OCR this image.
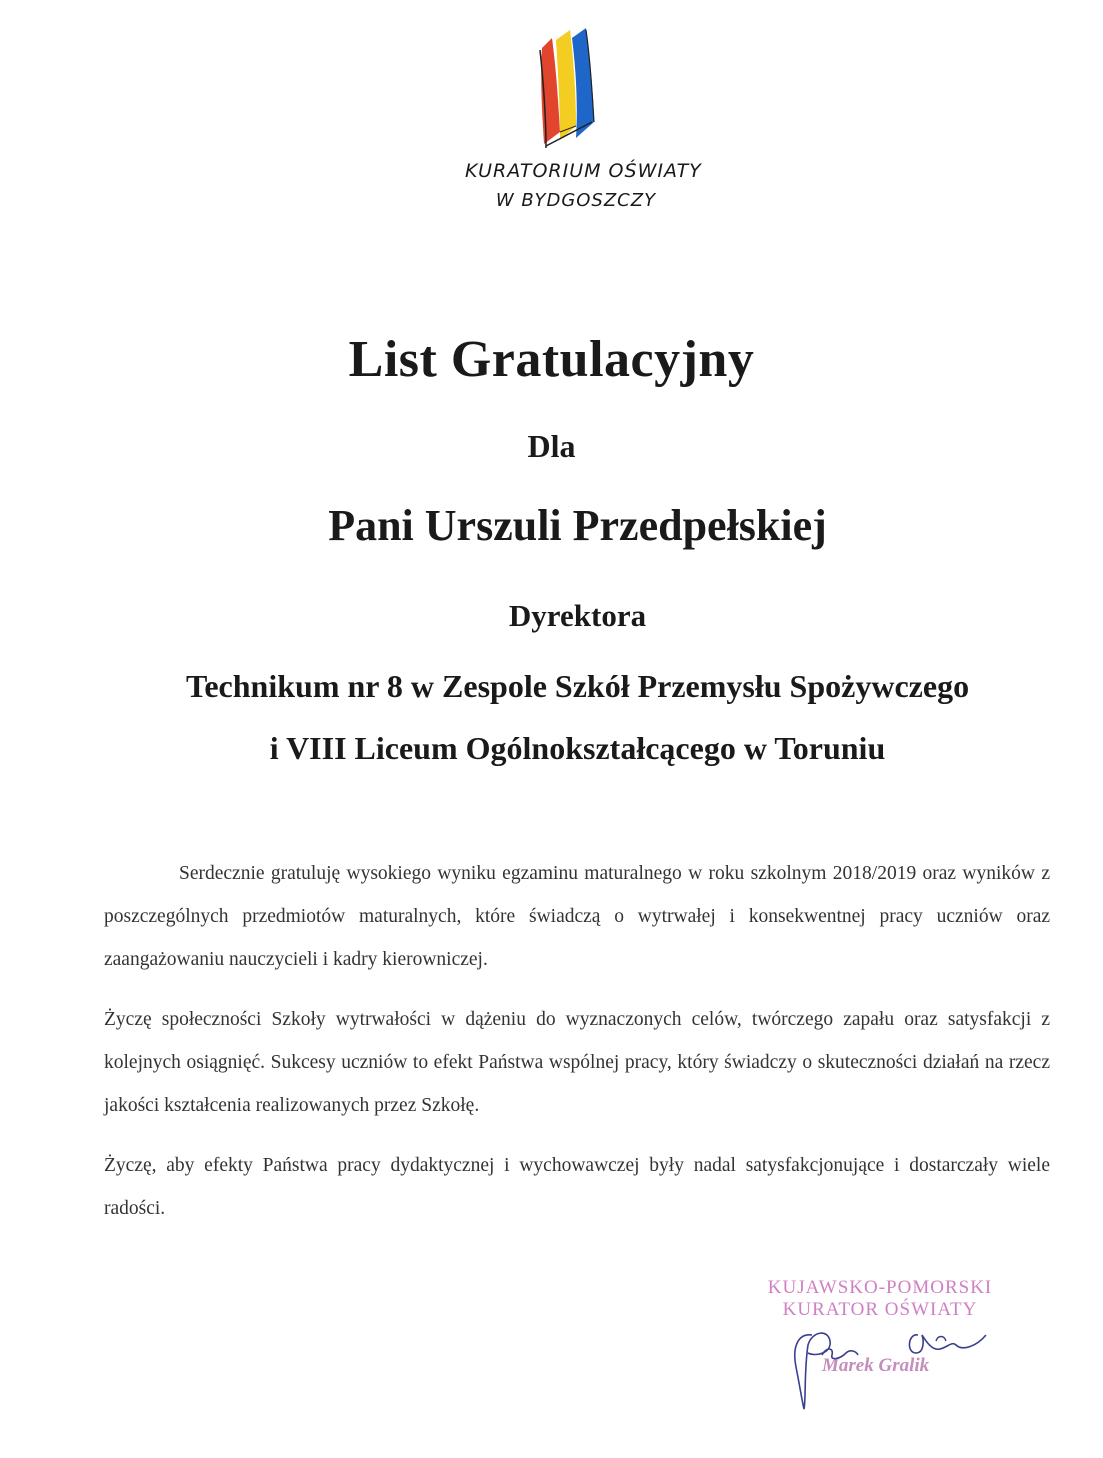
KURATORIUM OŚWIATY
W BYDGOSZCZY
List Gratulacyjny
Dla
Pani Urszuli Przedpełskiej
Dyrektora
Technikum nr 8 w Zespole Szkół Przemysłu Spożywczego
i VIII Liceum Ogólnokształcącego w Toruniu
Serdecznie gratuluję wysokiego wyniku egzaminu maturalnego w roku szkolnym 2018/2019 oraz wyników z poszczególnych przedmiotów maturalnych, które świadczą o wytrwałej i konsekwentnej pracy uczniów oraz zaangażowaniu nauczycieli i kadry kierowniczej.
Życzę społeczności Szkoły wytrwałości w dążeniu do wyznaczonych celów, twórczego zapału oraz satysfakcji z kolejnych osiągnięć. Sukcesy uczniów to efekt Państwa wspólnej pracy, który świadczy o skuteczności działań na rzecz jakości kształcenia realizowanych przez Szkołę.
Życzę, aby efekty Państwa pracy dydaktycznej i wychowawczej były nadal satysfakcjonujące i dostarczały wiele radości.
KUJAWSKO-POMORSKI
KURATOR OŚWIATY
Marek Gralik
